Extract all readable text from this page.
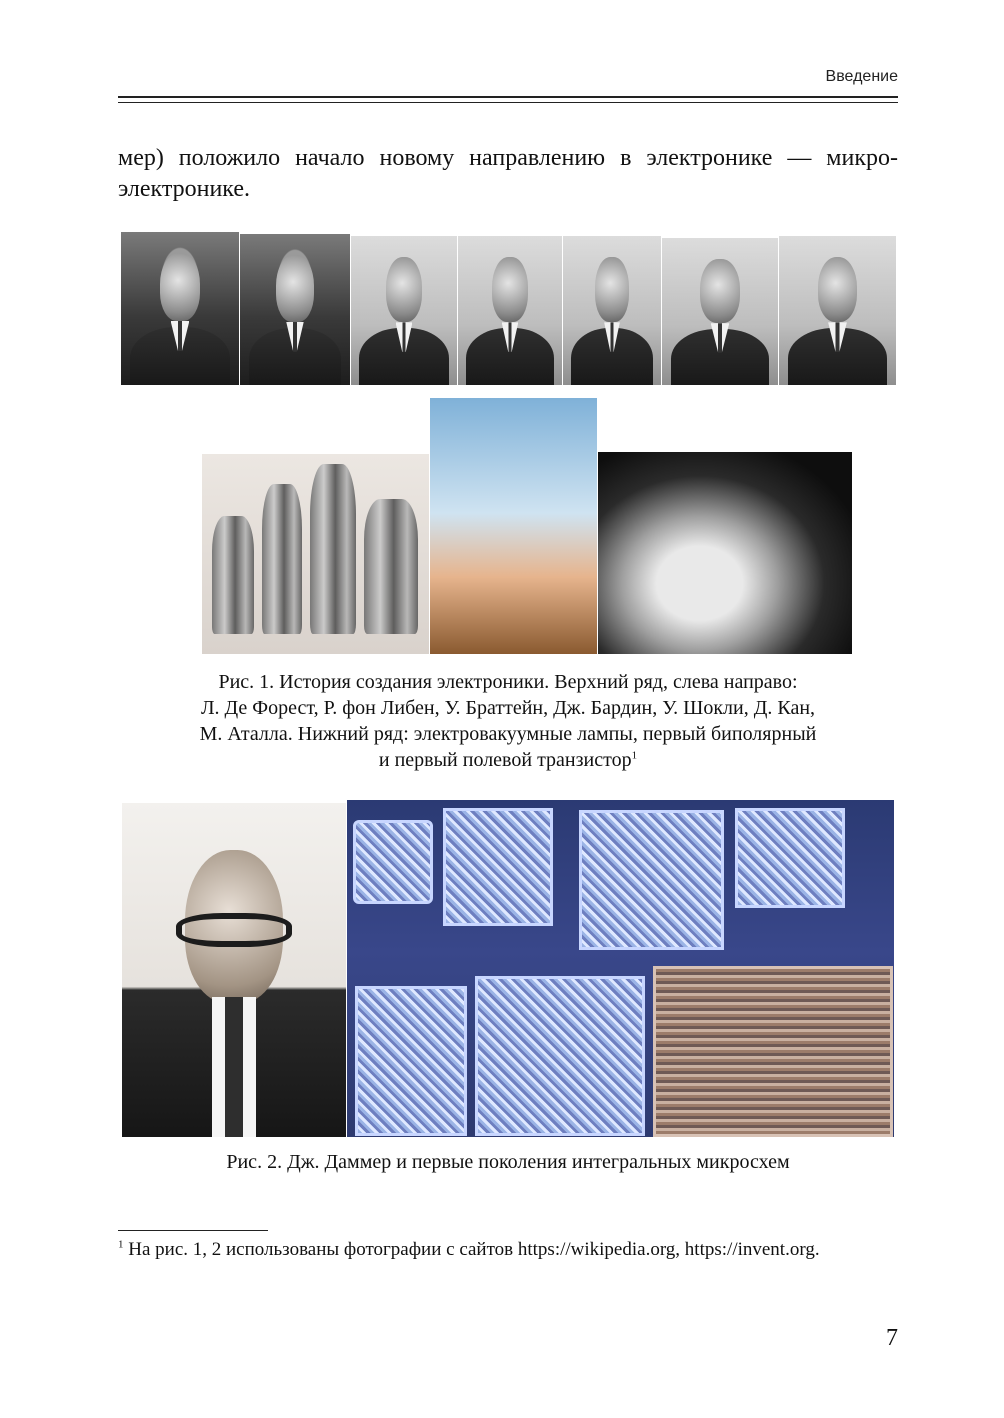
Введение

мер) положило начало новому направлению в электронике — микро-электронике.

Рис. 1. История создания электроники. Верхний ряд, слева направо:
Л. Де Форест, Р. фон Либен, У. Браттейн, Дж. Бардин, У. Шокли, Д. Кан,
М. Аталла. Нижний ряд: электровакуумные лампы, первый биполярный
и первый полевой транзистор$^1$

Рис. 2. Дж. Даммер и первые поколения интегральных микросхем

$^1$ На рис. 1, 2 использованы фотографии с сайтов https://wikipedia.org, https://invent.org.

7
